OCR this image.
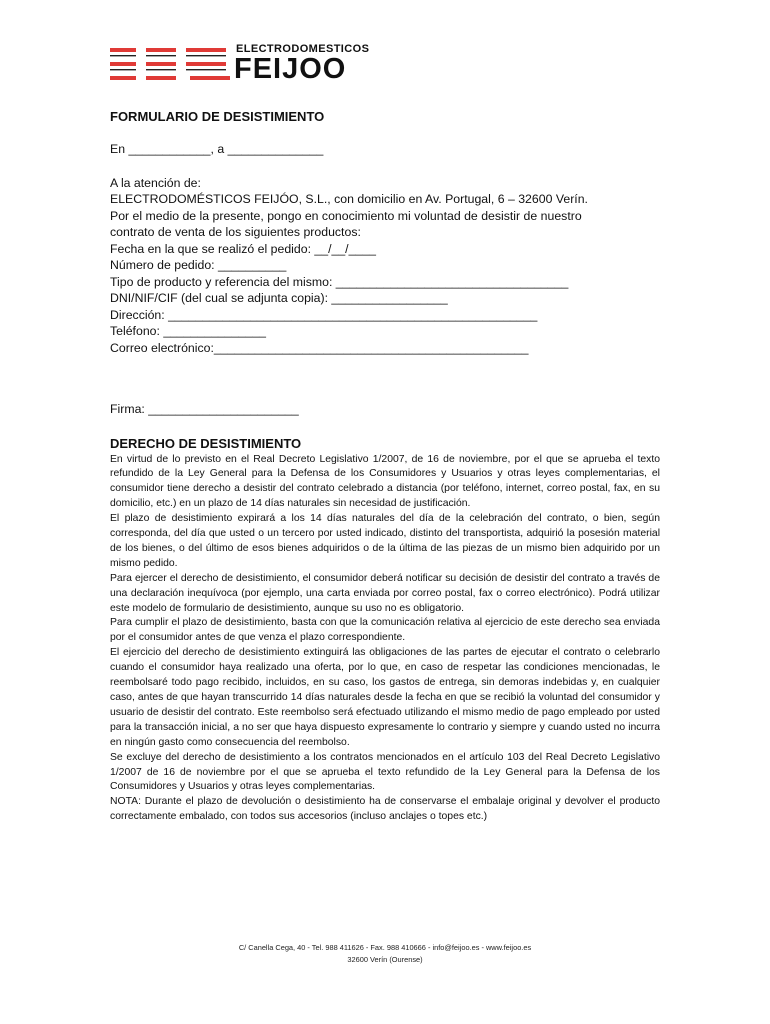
ELECTRODOMESTICOS
FEIJOO

FORMULARIO DE DESISTIMIENTO

En ____________, a ______________

A la atención de:

ELECTRODOMÉSTICOS FEIJÓO, S.L., con domicilio en Av. Portugal, 6 – 32600 Verín.

Por el medio de la presente, pongo en conocimiento mi voluntad de desistir de nuestro

contrato de venta de los siguientes productos:

Fecha en la que se realizó el pedido: __/__/____

Número de pedido: __________

Tipo de producto y referencia del mismo: __________________________________

DNI/NIF/CIF (del cual se adjunta copia): _________________

Dirección: ______________________________________________________

Teléfono: _______________

Correo electrónico:______________________________________________

Firma: ______________________

DERECHO DE DESISTIMIENTO

En virtud de lo previsto en el Real Decreto Legislativo 1/2007, de 16 de noviembre, por el que se aprueba el texto refundido de la Ley General para la Defensa de los Consumidores y Usuarios y otras leyes complementarias, el consumidor tiene derecho a desistir del contrato celebrado a distancia (por teléfono, internet, correo postal, fax, en su domicilio, etc.) en un plazo de 14 días naturales sin necesidad de justificación.

El plazo de desistimiento expirará a los 14 días naturales del día de la celebración del contrato, o bien, según corresponda, del día que usted o un tercero por usted indicado, distinto del transportista, adquirió la posesión material de los bienes, o del último de esos bienes adquiridos o de la última de las piezas de un mismo bien adquirido por un mismo pedido.

Para ejercer el derecho de desistimiento, el consumidor deberá notificar su decisión de desistir del contrato a través de una declaración inequívoca (por ejemplo, una carta enviada por correo postal, fax o correo electrónico). Podrá utilizar este modelo de formulario de desistimiento, aunque su uso no es obligatorio.

Para cumplir el plazo de desistimiento, basta con que la comunicación relativa al ejercicio de este derecho sea enviada por el consumidor antes de que venza el plazo correspondiente.

El ejercicio del derecho de desistimiento extinguirá las obligaciones de las partes de ejecutar el contrato o celebrarlo cuando el consumidor haya realizado una oferta, por lo que, en caso de respetar las condiciones mencionadas, le reembolsaré todo pago recibido, incluidos, en su caso, los gastos de entrega, sin demoras indebidas y, en cualquier caso, antes de que hayan transcurrido 14 días naturales desde la fecha en que se recibió la voluntad del consumidor y usuario de desistir del contrato. Este reembolso será efectuado utilizando el mismo medio de pago empleado por usted para la transacción inicial, a no ser que haya dispuesto expresamente lo contrario y siempre y cuando usted no incurra en ningún gasto como consecuencia del reembolso.

Se excluye del derecho de desistimiento a los contratos mencionados en el artículo 103 del Real Decreto Legislativo 1/2007 de 16 de noviembre por el que se aprueba el texto refundido de la Ley General para la Defensa de los Consumidores y Usuarios y otras leyes complementarias.

NOTA: Durante el plazo de devolución o desistimiento ha de conservarse el embalaje original y devolver el producto correctamente embalado, con todos sus accesorios (incluso anclajes o topes etc.)

C/ Canella Cega, 40 - Tel. 988 411626 - Fax. 988 410666 - info@feijoo.es - www.feijoo.es
32600 Verín (Ourense)
